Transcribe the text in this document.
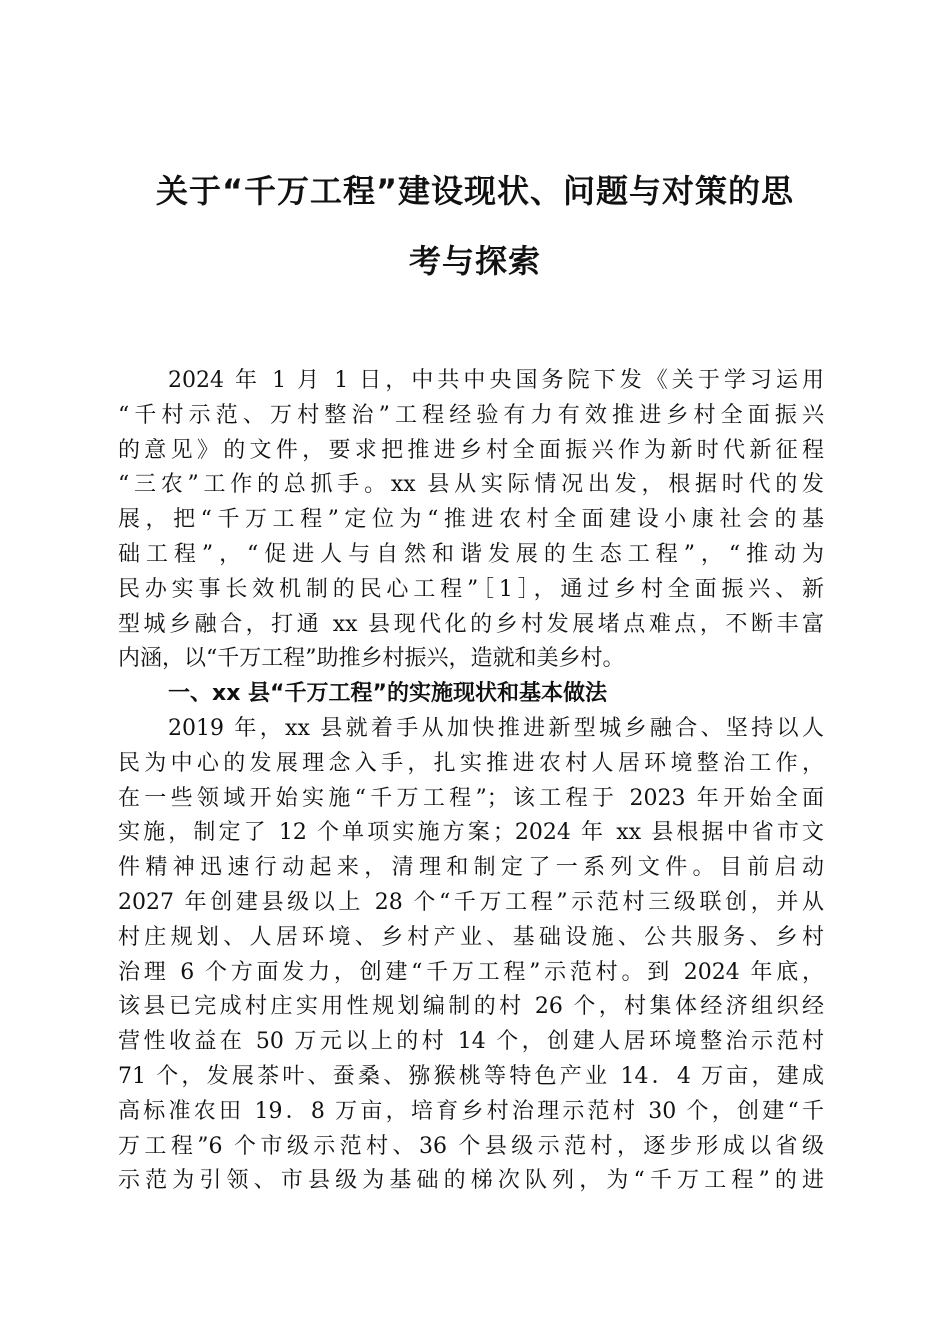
关于“千万工程”建设现状、问题与对策的思
考与探索
2024 年 1 月 1 日，中共中央国务院下发《关于学习运用
“千村示范、万村整治”工程经验有力有效推进乡村全面振兴
的意见》的文件，要求把推进乡村全面振兴作为新时代新征程
“三农”工作的总抓手。xx 县从实际情况出发，根据时代的发
展，把“千万工程”定位为“推进农村全面建设小康社会的基
础工程”，“促进人与自然和谐发展的生态工程”，“推动为
民办实事长效机制的民心工程”［1］，通过乡村全面振兴、新
型城乡融合，打通 xx 县现代化的乡村发展堵点难点，不断丰富
内涵，以“千万工程”助推乡村振兴，造就和美乡村。
一、xx 县“千万工程”的实施现状和基本做法
2019 年，xx 县就着手从加快推进新型城乡融合、坚持以人
民为中心的发展理念入手，扎实推进农村人居环境整治工作，
在一些领域开始实施“千万工程”；该工程于 2023 年开始全面
实施，制定了 12 个单项实施方案；2024 年 xx 县根据中省市文
件精神迅速行动起来，清理和制定了一系列文件。目前启动
2027 年创建县级以上 28 个“千万工程”示范村三级联创，并从
村庄规划、人居环境、乡村产业、基础设施、公共服务、乡村
治理 6 个方面发力，创建“千万工程”示范村。到 2024 年底，
该县已完成村庄实用性规划编制的村 26 个，村集体经济组织经
营性收益在 50 万元以上的村 14 个，创建人居环境整治示范村
71 个，发展茶叶、蚕桑、猕猴桃等特色产业 14．4 万亩，建成
高标准农田 19．8 万亩，培育乡村治理示范村 30 个，创建“千
万工程”6 个市级示范村、36 个县级示范村，逐步形成以省级
示范为引领、市县级为基础的梯次队列，为“千万工程”的进
